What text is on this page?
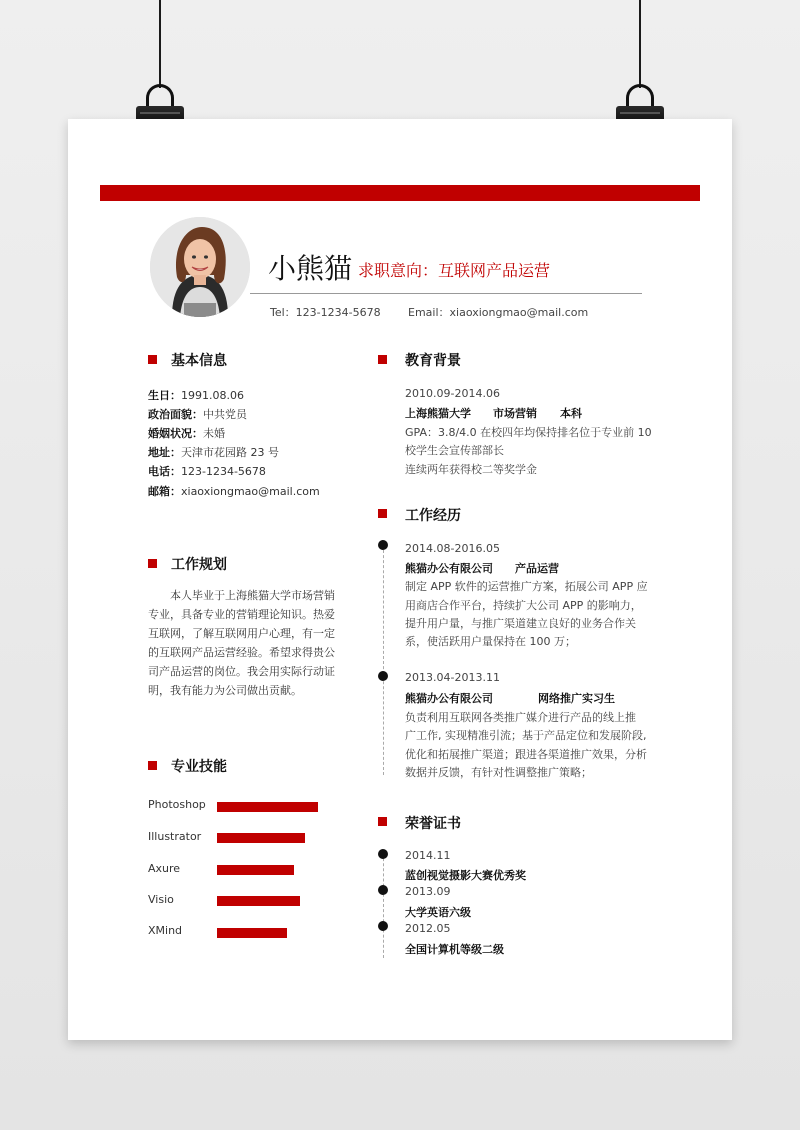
小熊猫 求职意向：互联网产品运营
Tel：123-1234-5678 Email：xiaoxiongmao@mail.com
基本信息
生日：1991.08.06
政治面貌：中共党员
婚姻状况：未婚
地址：天津市花园路 23 号
电话：123-1234-5678
邮箱：xiaoxiongmao@mail.com
工作规划
本人毕业于上海熊猫大学市场营销
专业，具备专业的营销理论知识。热爱
互联网，了解互联网用户心理，有一定
的互联网产品运营经验。希望求得贵公
司产品运营的岗位。我会用实际行动证
明，我有能力为公司做出贡献。
专业技能
Photoshop
Illustrator
Axure
Visio
XMind
教育背景
2010.09-2014.06
上海熊猫大学 市场营销 本科
GPA：3.8/4.0 在校四年均保持排名位于专业前 10
校学生会宣传部部长
连续两年获得校二等奖学金
工作经历
2014.08-2016.05
熊猫办公有限公司 产品运营
制定 APP 软件的运营推广方案，拓展公司 APP 应
用商店合作平台，持续扩大公司 APP 的影响力，
提升用户量，与推广渠道建立良好的业务合作关
系，使活跃用户量保持在 100 万；
2013.04-2013.11
熊猫办公有限公司	网络推广实习生
负责利用互联网各类推广媒介进行产品的线上推
广工作, 实现精准引流；基于产品定位和发展阶段,
优化和拓展推广渠道；跟进各渠道推广效果，分析
数据并反馈，有针对性调整推广策略；
荣誉证书
2014.11
蓝创视觉摄影大赛优秀奖
2013.09
大学英语六级
2012.05
全国计算机等级二级
